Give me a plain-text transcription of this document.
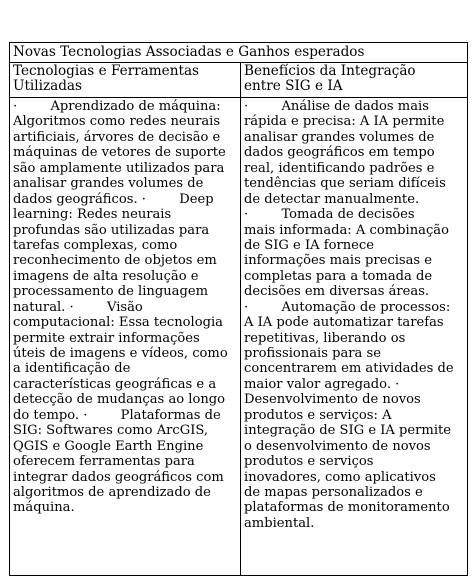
Novas Tecnologias Associadas e Ganhos esperados
Tecnologias e Ferramentas
Utilizadas
Benefícios da Integração
entre SIG e IA
·        Aprendizado de máquina:
Algoritmos como redes neurais
artificiais, árvores de decisão e
máquinas de vetores de suporte
são amplamente utilizados para
analisar grandes volumes de
dados geográficos. ·        Deep
learning: Redes neurais
profundas são utilizadas para
tarefas complexas, como
reconhecimento de objetos em
imagens de alta resolução e
processamento de linguagem
natural. ·        Visão
computacional: Essa tecnologia
permite extrair informações
úteis de imagens e vídeos, como
a identificação de
características geográficas e a
detecção de mudanças ao longo
do tempo. ·        Plataformas de
SIG: Softwares como ArcGIS,
QGIS e Google Earth Engine
oferecem ferramentas para
integrar dados geográficos com
algoritmos de aprendizado de
máquina.
·        Análise de dados mais
rápida e precisa: A IA permite
analisar grandes volumes de
dados geográficos em tempo
real, identificando padrões e
tendências que seriam difíceis
de detectar manualmente.
·        Tomada de decisões
mais informada: A combinação
de SIG e IA fornece
informações mais precisas e
completas para a tomada de
decisões em diversas áreas.
·        Automação de processos:
A IA pode automatizar tarefas
repetitivas, liberando os
profissionais para se
concentrarem em atividades de
maior valor agregado. ·
Desenvolvimento de novos
produtos e serviços: A
integração de SIG e IA permite
o desenvolvimento de novos
produtos e serviços
inovadores, como aplicativos
de mapas personalizados e
plataformas de monitoramento
ambiental.
